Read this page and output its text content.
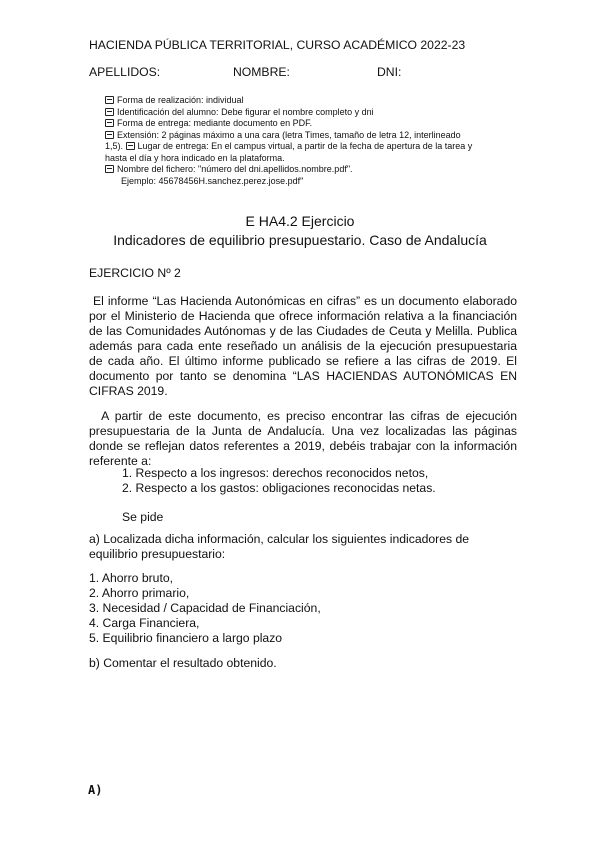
HACIENDA PÚBLICA TERRITORIAL, CURSO ACADÉMICO 2022-23
APELLIDOS:	NOMBRE:	DNI:
Forma de realización: individual
Identificación del alumno: Debe figurar el nombre completo y dni
Forma de entrega: mediante documento en PDF.
Extensión: 2 páginas máximo a una cara (letra Times, tamaño de letra 12, interlineado
1,5). Lugar de entrega: En el campus virtual, a partir de la fecha de apertura de la tarea y
hasta el día y hora indicado en la plataforma.
Nombre del fichero: "número del dni.apellidos.nombre.pdf".
Ejemplo: 45678456H.sanchez.perez.jose.pdf"
E HA4.2 Ejercicio
Indicadores de equilibrio presupuestario. Caso de Andalucía
EJERCICIO Nº 2
El informe “Las Hacienda Autonómicas en cifras” es un documento elaborado por el Ministerio de Hacienda que ofrece información relativa a la financiación de las Comunidades Autónomas y de las Ciudades de Ceuta y Melilla. Publica además para cada ente reseñado un análisis de la ejecución presupuestaria de cada año. El último informe publicado se refiere a las cifras de 2019. El documento por tanto se denomina “LAS HACIENDAS AUTONÓMICAS EN CIFRAS 2019.
A partir de este documento, es preciso encontrar las cifras de ejecución presupuestaria de la Junta de Andalucía. Una vez localizadas las páginas donde se reflejan datos referentes a 2019, debéis trabajar con la información referente a:
1. Respecto a los ingresos: derechos reconocidos netos,
2. Respecto a los gastos: obligaciones reconocidas netas.
Se pide
a) Localizada dicha información, calcular los siguientes indicadores de equilibrio presupuestario:
1. Ahorro bruto,
2. Ahorro primario,
3. Necesidad / Capacidad de Financiación,
4. Carga Financiera,
5. Equilibrio financiero a largo plazo
b) Comentar el resultado obtenido.
A)
